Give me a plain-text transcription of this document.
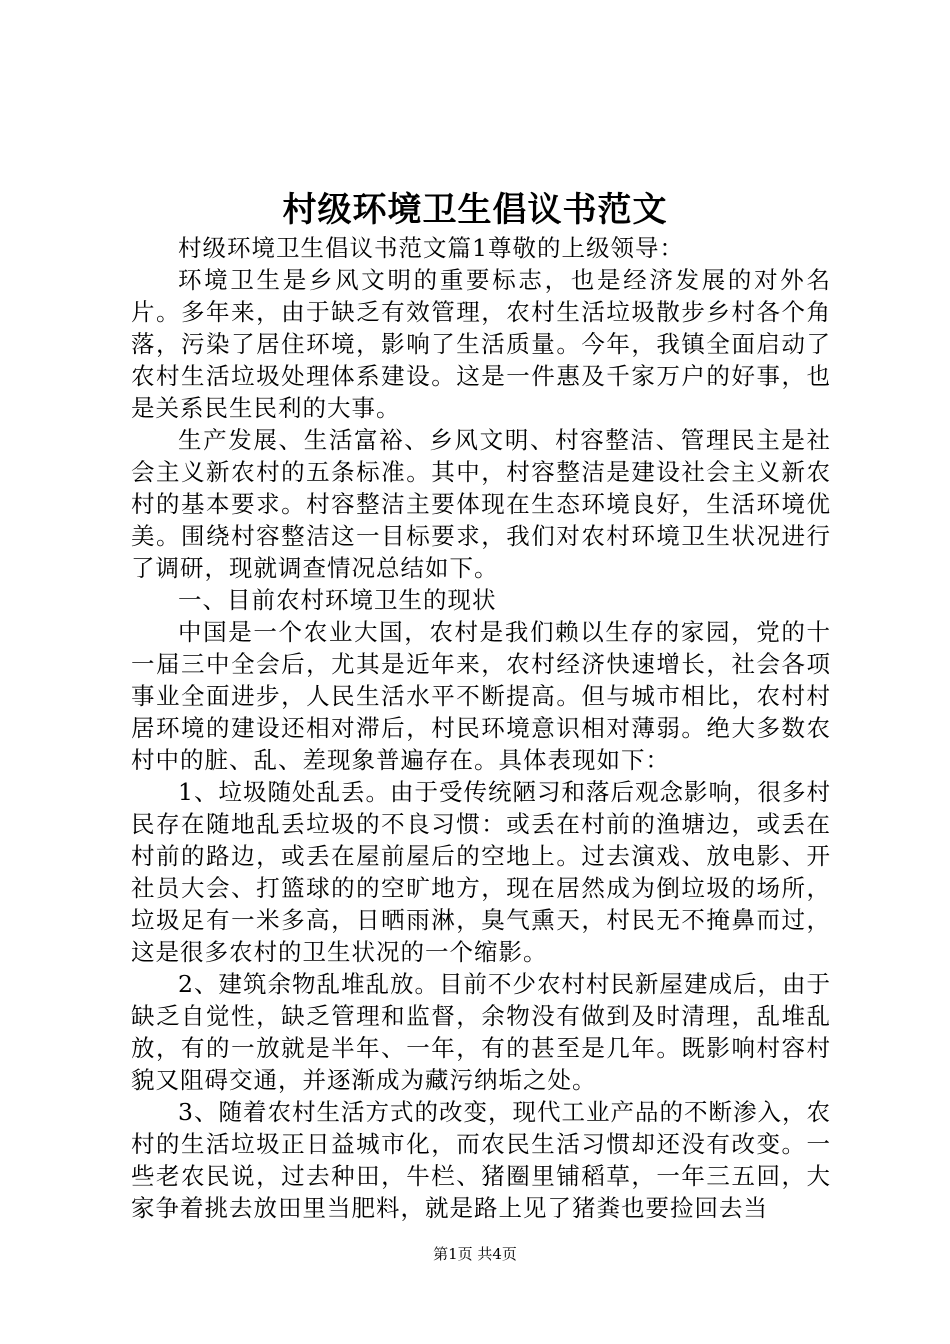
村级环境卫生倡议书范文

村级环境卫生倡议书范文篇1尊敬的上级领导：

环境卫生是乡风文明的重要标志，也是经济发展的对外名片。多年来，由于缺乏有效管理，农村生活垃圾散步乡村各个角落，污染了居住环境，影响了生活质量。今年，我镇全面启动了农村生活垃圾处理体系建设。这是一件惠及千家万户的好事，也是关系民生民利的大事。

生产发展、生活富裕、乡风文明、村容整洁、管理民主是社会主义新农村的五条标准。其中，村容整洁是建设社会主义新农村的基本要求。村容整洁主要体现在生态环境良好，生活环境优美。围绕村容整洁这一目标要求，我们对农村环境卫生状况进行了调研，现就调查情况总结如下。

一、目前农村环境卫生的现状

中国是一个农业大国，农村是我们赖以生存的家园，党的十一届三中全会后，尤其是近年来，农村经济快速增长，社会各项事业全面进步，人民生活水平不断提高。但与城市相比，农村村居环境的建设还相对滞后，村民环境意识相对薄弱。绝大多数农村中的脏、乱、差现象普遍存在。具体表现如下：

1、垃圾随处乱丢。由于受传统陋习和落后观念影响，很多村民存在随地乱丢垃圾的不良习惯：或丢在村前的渔塘边，或丢在村前的路边，或丢在屋前屋后的空地上。过去演戏、放电影、开社员大会、打篮球的的空旷地方，现在居然成为倒垃圾的场所，垃圾足有一米多高，日晒雨淋，臭气熏天，村民无不掩鼻而过，这是很多农村的卫生状况的一个缩影。

2、建筑余物乱堆乱放。目前不少农村村民新屋建成后，由于缺乏自觉性，缺乏管理和监督，余物没有做到及时清理，乱堆乱放，有的一放就是半年、一年，有的甚至是几年。既影响村容村貌又阻碍交通，并逐渐成为藏污纳垢之处。

3、随着农村生活方式的改变，现代工业产品的不断渗入，农村的生活垃圾正日益城市化，而农民生活习惯却还没有改变。一些老农民说，过去种田，牛栏、猪圈里铺稻草，一年三五回，大家争着挑去放田里当肥料，就是路上见了猪粪也要捡回去当

第1页 共4页
